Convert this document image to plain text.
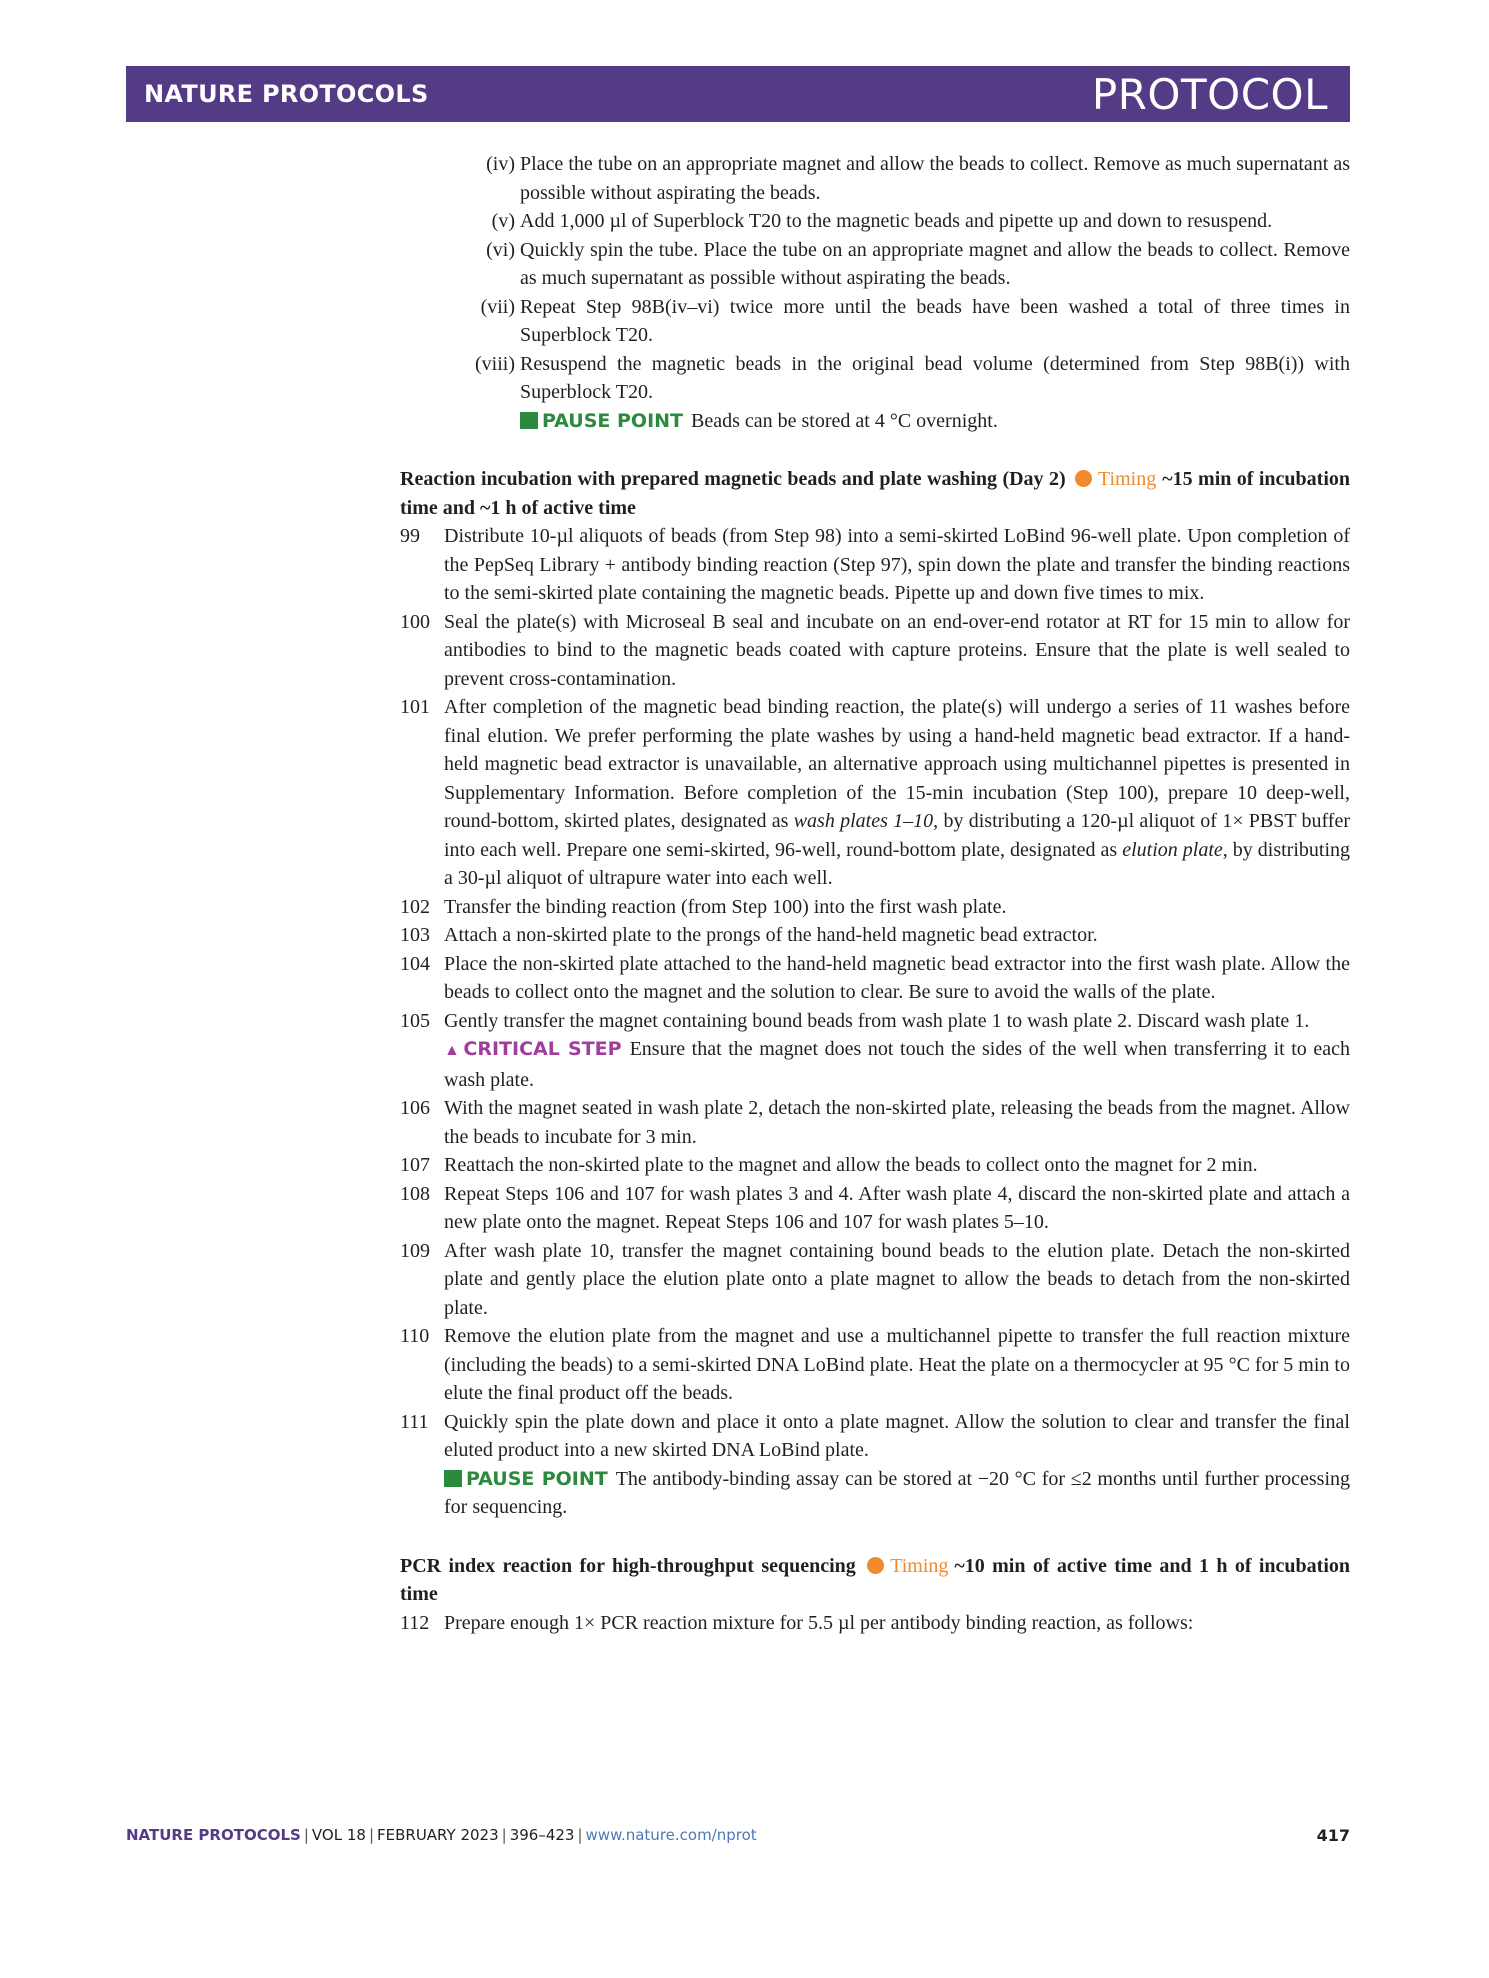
NATURE PROTOCOLS	PROTOCOL
(iv) Place the tube on an appropriate magnet and allow the beads to collect. Remove as much supernatant as possible without aspirating the beads.
(v) Add 1,000 µl of Superblock T20 to the magnetic beads and pipette up and down to resuspend.
(vi) Quickly spin the tube. Place the tube on an appropriate magnet and allow the beads to collect. Remove as much supernatant as possible without aspirating the beads.
(vii) Repeat Step 98B(iv–vi) twice more until the beads have been washed a total of three times in Superblock T20.
(viii) Resuspend the magnetic beads in the original bead volume (determined from Step 98B(i)) with Superblock T20.
PAUSE POINT Beads can be stored at 4 °C overnight.
Reaction incubation with prepared magnetic beads and plate washing (Day 2) Timing ~15 min of incubation time and ~1 h of active time
99 Distribute 10-µl aliquots of beads (from Step 98) into a semi-skirted LoBind 96-well plate. Upon completion of the PepSeq Library + antibody binding reaction (Step 97), spin down the plate and transfer the binding reactions to the semi-skirted plate containing the magnetic beads. Pipette up and down five times to mix.
100 Seal the plate(s) with Microseal B seal and incubate on an end-over-end rotator at RT for 15 min to allow for antibodies to bind to the magnetic beads coated with capture proteins. Ensure that the plate is well sealed to prevent cross-contamination.
101 After completion of the magnetic bead binding reaction, the plate(s) will undergo a series of 11 washes before final elution. We prefer performing the plate washes by using a hand-held magnetic bead extractor. If a hand-held magnetic bead extractor is unavailable, an alternative approach using multichannel pipettes is presented in Supplementary Information. Before completion of the 15-min incubation (Step 100), prepare 10 deep-well, round-bottom, skirted plates, designated as wash plates 1–10, by distributing a 120-µl aliquot of 1× PBST buffer into each well. Prepare one semi-skirted, 96-well, round-bottom plate, designated as elution plate, by distributing a 30-µl aliquot of ultrapure water into each well.
102 Transfer the binding reaction (from Step 100) into the first wash plate.
103 Attach a non-skirted plate to the prongs of the hand-held magnetic bead extractor.
104 Place the non-skirted plate attached to the hand-held magnetic bead extractor into the first wash plate. Allow the beads to collect onto the magnet and the solution to clear. Be sure to avoid the walls of the plate.
105 Gently transfer the magnet containing bound beads from wash plate 1 to wash plate 2. Discard wash plate 1.
▲ CRITICAL STEP Ensure that the magnet does not touch the sides of the well when transferring it to each wash plate.
106 With the magnet seated in wash plate 2, detach the non-skirted plate, releasing the beads from the magnet. Allow the beads to incubate for 3 min.
107 Reattach the non-skirted plate to the magnet and allow the beads to collect onto the magnet for 2 min.
108 Repeat Steps 106 and 107 for wash plates 3 and 4. After wash plate 4, discard the non-skirted plate and attach a new plate onto the magnet. Repeat Steps 106 and 107 for wash plates 5–10.
109 After wash plate 10, transfer the magnet containing bound beads to the elution plate. Detach the non-skirted plate and gently place the elution plate onto a plate magnet to allow the beads to detach from the non-skirted plate.
110 Remove the elution plate from the magnet and use a multichannel pipette to transfer the full reaction mixture (including the beads) to a semi-skirted DNA LoBind plate. Heat the plate on a thermocycler at 95 °C for 5 min to elute the final product off the beads.
111 Quickly spin the plate down and place it onto a plate magnet. Allow the solution to clear and transfer the final eluted product into a new skirted DNA LoBind plate.
PAUSE POINT The antibody-binding assay can be stored at −20 °C for ≤2 months until further processing for sequencing.
PCR index reaction for high-throughput sequencing Timing ~10 min of active time and 1 h of incubation time
112 Prepare enough 1× PCR reaction mixture for 5.5 µl per antibody binding reaction, as follows:
NATURE PROTOCOLS | VOL 18 | FEBRUARY 2023 | 396–423 | www.nature.com/nprot	417
